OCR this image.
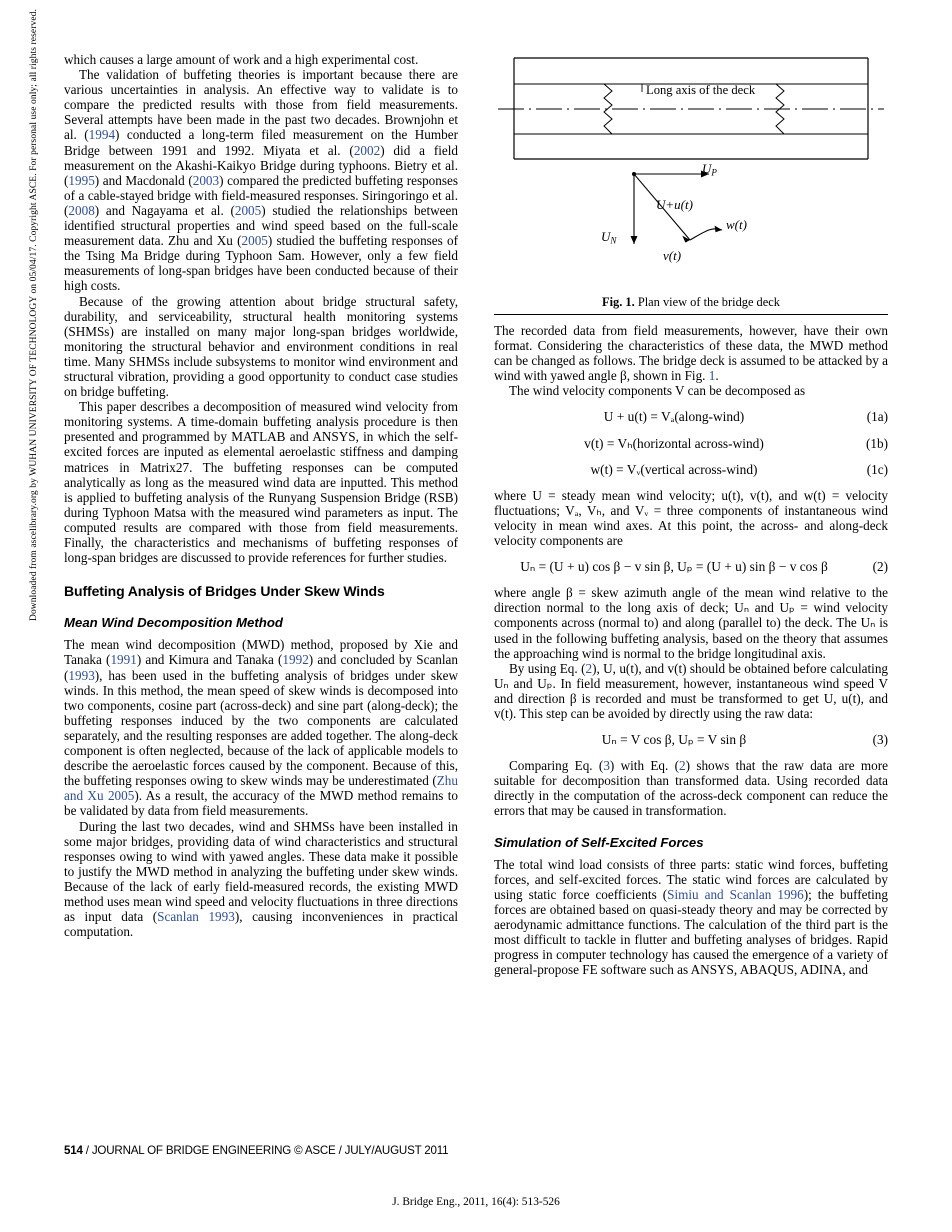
Downloaded from ascelibrary.org by WUHAN UNIVERSITY OF TECHNOLOGY on 05/04/17. Copyright ASCE. For personal use only; all rights reserved. which causes a large amount of work and a high experimental cost.

The validation of buffeting theories is important because there are various uncertainties in analysis. An effective way to validate is to compare the predicted results with those from field measurements. Several attempts have been made in the past two decades. Brownjohn et al. (1994) conducted a long-term filed measurement on the Humber Bridge between 1991 and 1992. Miyata et al. (2002) did a field measurement on the Akashi-Kaikyo Bridge during typhoons. Bietry et al. (1995) and Macdonald (2003) compared the predicted buffeting responses of a cable-stayed bridge with field-measured responses. Siringoringo et al. (2008) and Nagayama et al. (2005) studied the relationships between identified structural properties and wind speed based on the full-scale measurement data. Zhu and Xu (2005) studied the buffeting responses of the Tsing Ma Bridge during Typhoon Sam. However, only a few field measurements of long-span bridges have been conducted because of their high costs.

Because of the growing attention about bridge structural safety, durability, and serviceability, structural health monitoring systems (SHMSs) are installed on many major long-span bridges worldwide, monitoring the structural behavior and environment conditions in real time. Many SHMSs include subsystems to monitor wind environment and structural vibration, providing a good opportunity to conduct case studies on bridge buffeting.

This paper describes a decomposition of measured wind velocity from monitoring systems. A time-domain buffeting analysis procedure is then presented and programmed by MATLAB and ANSYS, in which the self-excited forces are inputed as elemental aeroelastic stiffness and damping matrices in Matrix27. The buffeting responses can be computed analytically as long as the measured wind data are inputted. This method is applied to buffeting analysis of the Runyang Suspension Bridge (RSB) during Typhoon Matsa with the measured wind parameters as input. The computed results are compared with those from field measurements. Finally, the characteristics and mechanisms of buffeting responses of long-span bridges are discussed to provide references for further studies.

Buffeting Analysis of Bridges Under Skew Winds
Mean Wind Decomposition Method

The mean wind decomposition (MWD) method, proposed by Xie and Tanaka (1991) and Kimura and Tanaka (1992) and concluded by Scanlan (1993), has been used in the buffeting analysis of bridges under skew winds. In this method, the mean speed of skew winds is decomposed into two components, cosine part (across-deck) and sine part (along-deck); the buffeting responses induced by the two components are calculated separately, and the resulting responses are added together. The along-deck component is often neglected, because of the lack of applicable models to describe the aeroelastic forces caused by the component. Because of this, the buffeting responses owing to skew winds may be underestimated (Zhu and Xu 2005). As a result, the accuracy of the MWD method remains to be validated by data from field measurements.

During the last two decades, wind and SHMSs have been installed in some major bridges, providing data of wind characteristics and structural responses owing to wind with yawed angles. These data make it possible to justify the MWD method in analyzing the buffeting under skew winds. Because of the lack of early field-measured records, the existing MWD method uses mean wind speed and velocity fluctuations in three directions as input data (Scanlan 1993), causing inconveniences in practical computation.

Long axis of the deck
$U_P$
$U_N$
U+u(t)
w(t)
v(t)
Fig. 1. Plan view of the bridge deck

The recorded data from field measurements, however, have their own format. Considering the characteristics of these data, the MWD method can be changed as follows. The bridge deck is assumed to be attacked by a wind with yawed angle β, shown in Fig. 1.

The wind velocity components V can be decomposed as

U + u(t) = Vₐ(along-wind)	(1a)
v(t) = Vₕ(horizontal across-wind)	(1b)
w(t) = Vᵥ(vertical across-wind)	(1c)

where U = steady mean wind velocity; u(t), v(t), and w(t) = velocity fluctuations; Vₐ, Vₕ, and Vᵥ = three components of instantaneous wind velocity in mean wind axes. At this point, the across- and along-deck velocity components are

Uₙ = (U + u) cos β − v sin β, Uₚ = (U + u) sin β − v cos β	(2)

where angle β = skew azimuth angle of the mean wind relative to the direction normal to the long axis of deck; Uₙ and Uₚ = wind velocity components across (normal to) and along (parallel to) the deck. The Uₙ is used in the following buffeting analysis, based on the theory that assumes the approaching wind is normal to the bridge longitudinal axis.

By using Eq. (2), U, u(t), and v(t) should be obtained before calculating Uₙ and Uₚ. In field measurement, however, instantaneous wind speed V and direction β is recorded and must be transformed to get U, u(t), and v(t). This step can be avoided by directly using the raw data:

Uₙ = V cos β, Uₚ = V sin β	(3)

Comparing Eq. (3) with Eq. (2) shows that the raw data are more suitable for decomposition than transformed data. Using recorded data directly in the computation of the across-deck component can reduce the errors that may be caused in transformation.

Simulation of Self-Excited Forces

The total wind load consists of three parts: static wind forces, buffeting forces, and self-excited forces. The static wind forces are calculated by using static force coefficients (Simiu and Scanlan 1996); the buffeting forces are obtained based on quasi-steady theory and may be corrected by aerodynamic admittance functions. The calculation of the third part is the most difficult to tackle in flutter and buffeting analyses of bridges. Rapid progress in computer technology has caused the emergence of a variety of general-propose FE software such as ANSYS, ABAQUS, ADINA, and

514 / JOURNAL OF BRIDGE ENGINEERING © ASCE / JULY/AUGUST 2011
J. Bridge Eng., 2011, 16(4): 513-526
